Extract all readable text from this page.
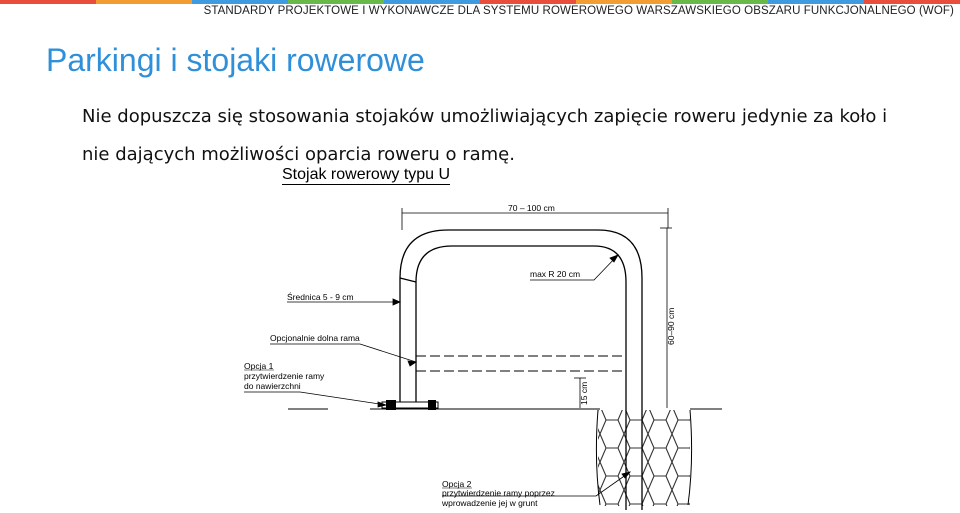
STANDARDY PROJEKTOWE I WYKONAWCZE DLA SYSTEMU ROWEROWEGO WARSZAWSKIEGO OBSZARU FUNKCJONALNEGO (WOF)
Parkingi i stojaki rowerowe
Nie dopuszcza się stosowania stojaków umożliwiających zapięcie roweru jedynie za koło i nie dających możliwości oparcia roweru o ramę.
Stojak rowerowy typu U
70 – 100 cm
60–90 cm
15 cm
max R 20 cm
Średnica 5 - 9 cm
Opcjonalnie dolna rama
Opcja 1
przytwierdzenie ramy
do nawierzchni
Opcja 2
przytwierdzenie ramy poprzez
wprowadzenie jej w grunt
